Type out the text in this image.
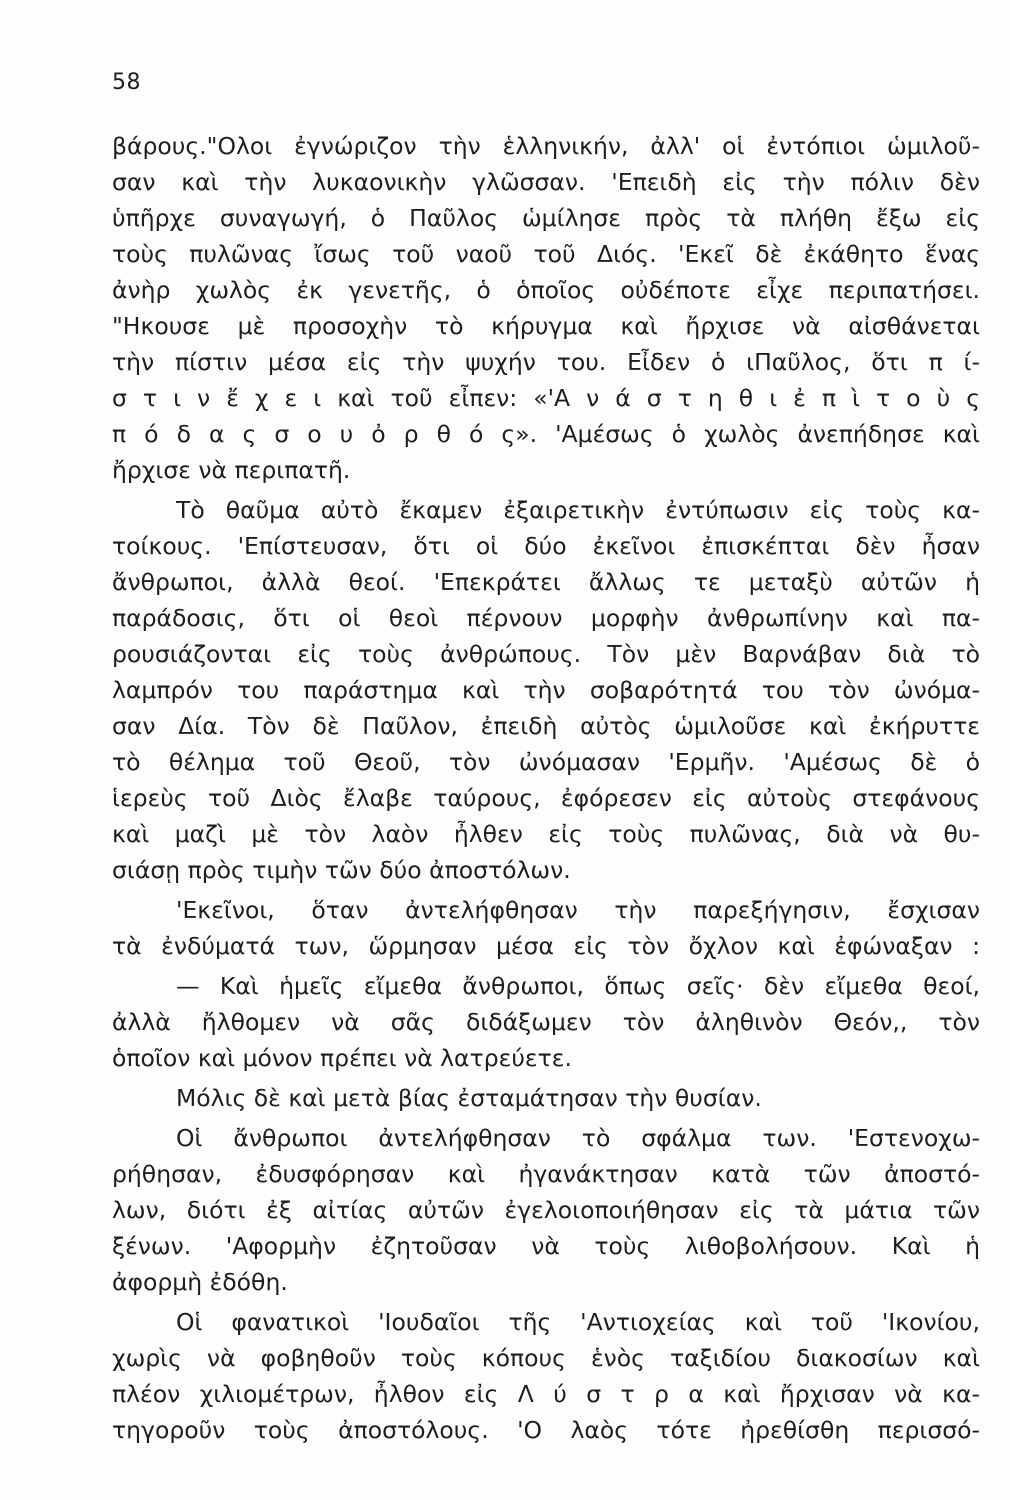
58
βάρους."Ολοι ἐγνώριζον τὴν ἑλληνικήν, ἀλλ' οἱ ἐντόπιοι ὡμιλοῦ-
σαν καὶ τὴν λυκαονικὴν γλῶσσαν. 'Επειδὴ εἰς τὴν πόλιν δὲν
ὑπῆρχε συναγωγή, ὁ Παῦλος ὡμίλησε πρὸς τὰ πλήθη ἔξω εἰς
τοὺς πυλῶνας ἴσως τοῦ ναοῦ τοῦ Διός. 'Εκεῖ δὲ ἐκάθητο ἕνας
ἀνὴρ χωλὸς ἐκ γενετῆς, ὁ ὁποῖος οὐδέποτε εἶχε περιπατήσει.
"Ηκουσε μὲ προσοχὴν τὸ κήρυγμα καὶ ἤρχισε νὰ αἰσθάνεται
τὴν πίστιν μέσα εἰς τὴν ψυχήν του. Εἶδεν ὁ ιΠαῦλος, ὅτι π ί-
σ τ ι ν ἔ χ ε ι καὶ τοῦ εἶπεν: «'Α ν ά σ τ η θ ι ἐ π ὶ τ ο ὺ ς
π ό δ α ς σ ο υ ὀ ρ θ ό ς». 'Αμέσως ὁ χωλὸς ἀνεπήδησε καὶ
ἤρχισε νὰ περιπατῆ.
Τὸ θαῦμα αὐτὸ ἔκαμεν ἐξαιρετικὴν ἐντύπωσιν εἰς τοὺς κα-
τοίκους. 'Επίστευσαν, ὅτι οἱ δύο ἐκεῖνοι ἐπισκέπται δὲν ἦσαν
ἄνθρωποι, ἀλλὰ θεοί. 'Επεκράτει ἄλλως τε μεταξὺ αὐτῶν ἡ
παράδοσις, ὅτι οἱ θεοὶ πέρνουν μορφὴν ἀνθρωπίνην καὶ πα-
ρουσιάζονται εἰς τοὺς ἀνθρώπους. Τὸν μὲν Βαρνάβαν διὰ τὸ
λαμπρόν του παράστημα καὶ τὴν σοβαρότητά του τὸν ὠνόμα-
σαν Δία. Τὸν δὲ Παῦλον, ἐπειδὴ αὐτὸς ὡμιλοῦσε καὶ ἐκήρυττε
τὸ θέλημα τοῦ Θεοῦ, τὸν ὠνόμασαν 'Ερμῆν. 'Αμέσως δὲ ὁ
ἱερεὺς τοῦ Διὸς ἔλαβε ταύρους, ἐφόρεσεν εἰς αὐτοὺς στεφάνους
καὶ μαζὶ μὲ τὸν λαὸν ἦλθεν εἰς τοὺς πυλῶνας, διὰ νὰ θυ-
σιάσῃ πρὸς τιμὴν τῶν δύο ἀποστόλων.
'Εκεῖνοι, ὅταν ἀντελήφθησαν τὴν παρεξήγησιν, ἔσχισαν
τὰ ἐνδύματά των, ὥρμησαν μέσα εἰς τὸν ὄχλον καὶ ἐφώναξαν :
— Καὶ ἡμεῖς εἴμεθα ἄνθρωποι, ὅπως σεῖς· δὲν εἴμεθα θεοί,
ἀλλὰ ἤλθομεν νὰ σᾶς διδάξωμεν τὸν ἀληθινὸν Θεόν,, τὸν
ὁποῖον καὶ μόνον πρέπει νὰ λατρεύετε.
Μόλις δὲ καὶ μετὰ βίας ἐσταμάτησαν τὴν θυσίαν.
Οἱ ἄνθρωποι ἀντελήφθησαν τὸ σφάλμα των. 'Εστενοχω-
ρήθησαν, ἐδυσφόρησαν καὶ ἠγανάκτησαν κατὰ τῶν ἀποστό-
λων, διότι ἐξ αἰτίας αὐτῶν ἐγελοιοποιήθησαν εἰς τὰ μάτια τῶν
ξένων. 'Αφορμὴν ἐζητοῦσαν νὰ τοὺς λιθοβολήσουν. Καὶ ἡ
ἀφορμὴ ἐδόθη.
Οἱ φανατικοὶ 'Ιουδαῖοι τῆς 'Αντιοχείας καὶ τοῦ 'Ικονίου,
χωρὶς νὰ φοβηθοῦν τοὺς κόπους ἑνὸς ταξιδίου διακοσίων καὶ
πλέον χιλιομέτρων, ἦλθον εἰς Λ ύ σ τ ρ α καὶ ἤρχισαν νὰ κα-
τηγοροῦν τοὺς ἀποστόλους. 'Ο λαὸς τότε ἠρεθίσθη περισσό-
